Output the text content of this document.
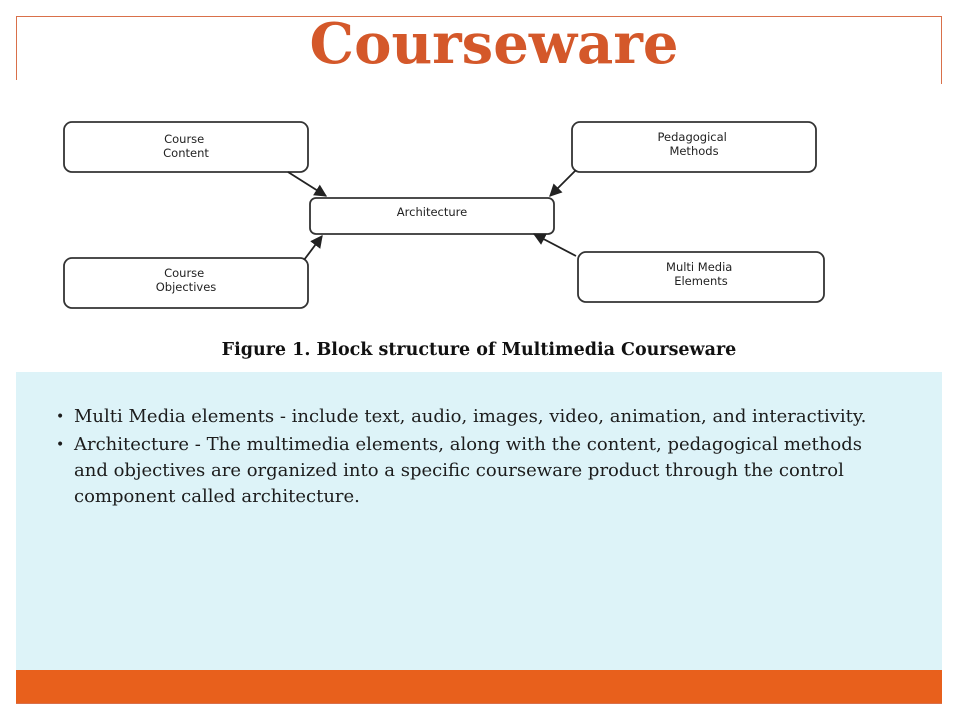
Courseware
Course Content
Pedagogical Methods
Architecture
Course Objectives
Multi Media Elements
Figure 1. Block structure of Multimedia Courseware
• Multi Media elements - include text, audio, images, video, animation, and interactivity.
• Architecture - The multimedia elements, along with the content, pedagogical methods and objectives are organized into a specific courseware product through the control component called architecture.
